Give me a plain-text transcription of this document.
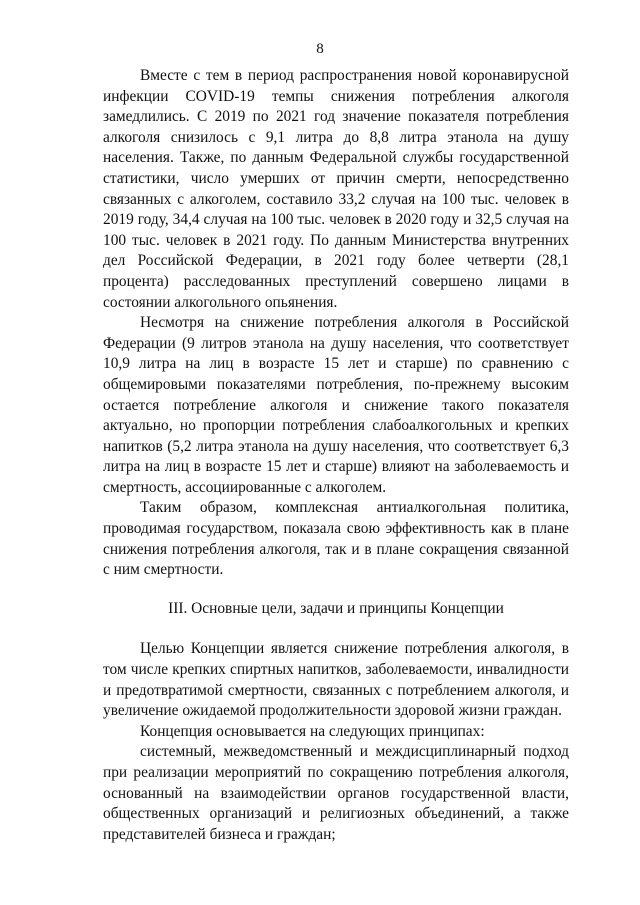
8

Вместе с тем в период распространения новой коронавирусной инфекции COVID-19 темпы снижения потребления алкоголя замедлились. С 2019 по 2021 год значение показателя потребления алкоголя снизилось с 9,1 литра до 8,8 литра этанола на душу населения. Также, по данным Федеральной службы государственной статистики, число умерших от причин смерти, непосредственно связанных с алкоголем, составило 33,2 случая на 100 тыс. человек в 2019 году, 34,4 случая на 100 тыс. человек в 2020 году и 32,5 случая на 100 тыс. человек в 2021 году. По данным Министерства внутренних дел Российской Федерации, в 2021 году более четверти (28,1 процента) расследованных преступлений совершено лицами в состоянии алкогольного опьянения.

Несмотря на снижение потребления алкоголя в Российской Федерации (9 литров этанола на душу населения, что соответствует 10,9 литра на лиц в возрасте 15 лет и старше) по сравнению с общемировыми показателями потребления, по-прежнему высоким остается потребление алкоголя и снижение такого показателя актуально, но пропорции потребления слабоалкогольных и крепких напитков (5,2 литра этанола на душу населения, что соответствует 6,3 литра на лиц в возрасте 15 лет и старше) влияют на заболеваемость и смертность, ассоциированные с алкоголем.

Таким образом, комплексная антиалкогольная политика, проводимая государством, показала свою эффективность как в плане снижения потребления алкоголя, так и в плане сокращения связанной с ним смертности.

III. Основные цели, задачи и принципы Концепции

Целью Концепции является снижение потребления алкоголя, в том числе крепких спиртных напитков, заболеваемости, инвалидности и предотвратимой смертности, связанных с потреблением алкоголя, и увеличение ожидаемой продолжительности здоровой жизни граждан.

Концепция основывается на следующих принципах:

системный, межведомственный и междисциплинарный подход при реализации мероприятий по сокращению потребления алкоголя, основанный на взаимодействии органов государственной власти, общественных организаций и религиозных объединений, а также представителей бизнеса и граждан;
